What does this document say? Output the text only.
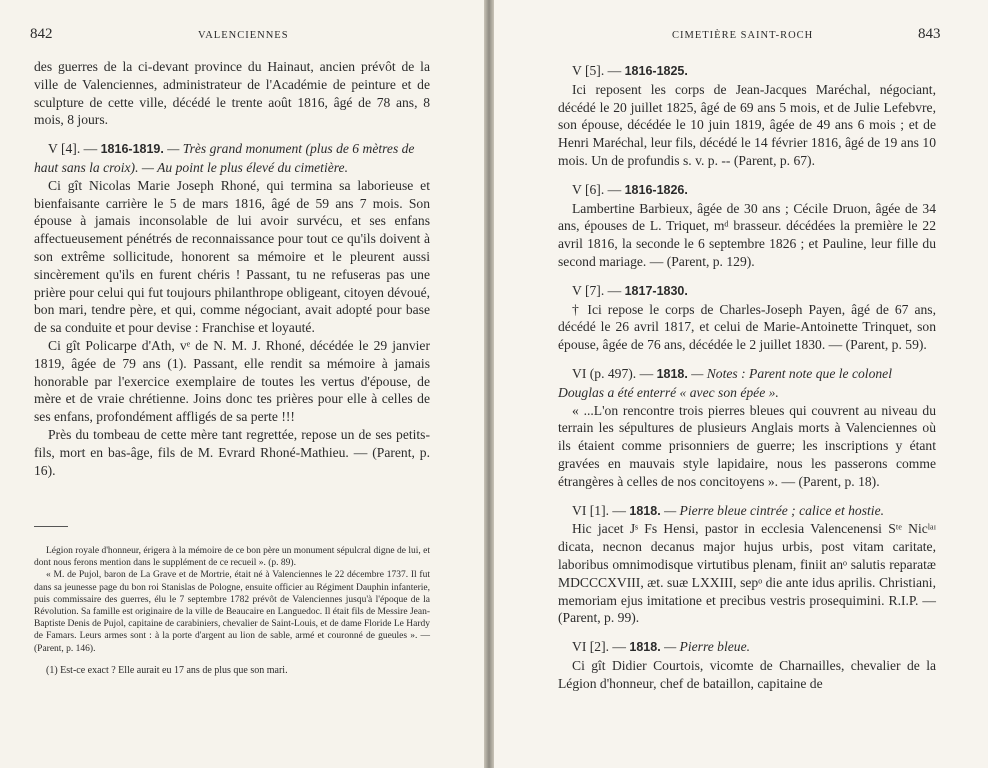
842	VALENCIENNES

des guerres de la ci-devant province du Hainaut, ancien prévôt de la ville de Valenciennes, administrateur de l'Académie de peinture et de sculpture de cette ville, décédé le trente août 1816, âgé de 78 ans, 8 mois, 8 jours.

V [4]. — 1816-1819. — Très grand monument (plus de 6 mètres de haut sans la croix). — Au point le plus élevé du cimetière.

Ci gît Nicolas Marie Joseph Rhoné, qui termina sa laborieuse et bienfaisante carrière le 5 de mars 1816, âgé de 59 ans 7 mois. Son épouse à jamais inconsolable de lui avoir survécu, et ses enfans affectueusement pénétrés de reconnaissance pour tout ce qu'ils doivent à son extrême sollicitude, honorent sa mémoire et le pleurent aussi sincèrement qu'ils en furent chéris ! Passant, tu ne refuseras pas une prière pour celui qui fut toujours philanthrope obligeant, citoyen dévoué, bon mari, tendre père, et qui, comme négociant, avait adopté pour base de sa conduite et pour devise : Franchise et loyauté.

Ci gît Policarpe d'Ath, vᵉ de N. M. J. Rhoné, décédée le 29 janvier 1819, âgée de 79 ans (1). Passant, elle rendit sa mémoire à jamais honorable par l'exercice exemplaire de toutes les vertus d'épouse, de mère et de vraie chrétienne. Joins donc tes prières pour elle à celles de ses enfans, profondément affligés de sa perte !!!

Près du tombeau de cette mère tant regrettée, repose un de ses petits-fils, mort en bas-âge, fils de M. Evrard Rhoné-Mathieu. — (Parent, p. 16).

Légion royale d'honneur, érigera à la mémoire de ce bon père un monument sépulcral digne de lui, et dont nous ferons mention dans le supplément de ce recueil ». (p. 89).

« M. de Pujol, baron de La Grave et de Mortrie, était né à Valenciennes le 22 décembre 1737. Il fut dans sa jeunesse page du bon roi Stanislas de Pologne, ensuite officier au Régiment Dauphin infanterie, puis commissaire des guerres, élu le 7 septembre 1782 prévôt de Valenciennes jusqu'à l'époque de la Révolution. Sa famille est originaire de la ville de Beaucaire en Languedoc. Il était fils de Messire Jean-Baptiste Denis de Pujol, capitaine de carabiniers, chevalier de Saint-Louis, et de dame Floride Le Hardy de Famars. Leurs armes sont : à la porte d'argent au lion de sable, armé et couronné de gueules ». — (Parent, p. 146).

(1) Est-ce exact ? Elle aurait eu 17 ans de plus que son mari.

CIMETIÈRE SAINT-ROCH	843

V [5]. — 1816-1825.

Ici reposent les corps de Jean-Jacques Maréchal, négociant, décédé le 20 juillet 1825, âgé de 69 ans 5 mois, et de Julie Lefebvre, son épouse, décédée le 10 juin 1819, âgée de 49 ans 6 mois ; et de Henri Maréchal, leur fils, décédé le 14 février 1816, âgé de 19 ans 10 mois. Un de profundis s. v. p. -- (Parent, p. 67).

V [6]. — 1816-1826.

Lambertine Barbieux, âgée de 30 ans ; Cécile Druon, âgée de 34 ans, épouses de L. Triquet, mᵈ brasseur. décédées la première le 22 avril 1816, la seconde le 6 septembre 1826 ; et Pauline, leur fille du second mariage. — (Parent, p. 129).

V [7]. — 1817-1830.

† Ici repose le corps de Charles-Joseph Payen, âgé de 67 ans, décédé le 26 avril 1817, et celui de Marie-Antoinette Trinquet, son épouse, âgée de 76 ans, décédée le 2 juillet 1830. — (Parent, p. 59).

VI (p. 497). — 1818. — Notes : Parent note que le colonel Douglas a été enterré « avec son épée ».

« ...L'on rencontre trois pierres bleues qui couvrent au niveau du terrain les sépultures de plusieurs Anglais morts à Valenciennes où ils étaient comme prisonniers de guerre; les inscriptions y étant gravées en mauvais style lapidaire, nous les passerons comme étrangères à celles de nos concitoyens ». — (Parent, p. 18).

VI [1]. — 1818. — Pierre bleue cintrée ; calice et hostie.

Hic jacet Jˢ Fs Hensi, pastor in ecclesia Valencenensi Sᵗᵉ Nicˡᵃᶦ dicata, necnon decanus major hujus urbis, post vitam caritate, laboribus omnimodisque virtutibus plenam, finiit anᵒ salutis reparatæ MDCCCXVIII, æt. suæ LXXIII, sepᵒ die ante idus aprilis. Christiani, memoriam ejus imitatione et precibus vestris prosequimini. R.I.P. — (Parent, p. 99).

VI [2]. — 1818. — Pierre bleue.

Ci gît Didier Courtois, vicomte de Charnailles, chevalier de la Légion d'honneur, chef de bataillon, capitaine de
